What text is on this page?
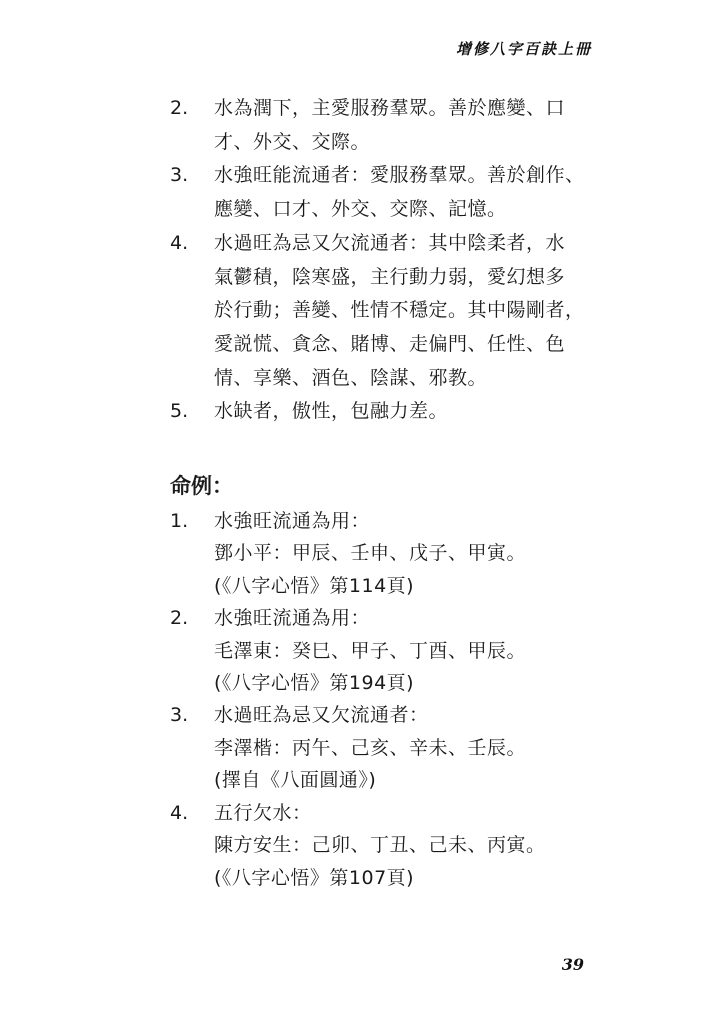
增修八字百訣上冊
2.	水為潤下，主愛服務羣眾。善於應變、口
才、外交、交際。
3.	水強旺能流通者：愛服務羣眾。善於創作、
應變、口才、外交、交際、記憶。
4.	水過旺為忌又欠流通者：其中陰柔者，水
氣鬱積，陰寒盛，主行動力弱，愛幻想多
於行動；善變、性情不穩定。其中陽剛者，
愛説慌、貪念、賭博、走偏門、任性、色
情、享樂、酒色、陰謀、邪教。
5.	水缺者，傲性，包融力差。
命例：
1.	水強旺流通為用：
鄧小平：甲辰、壬申、戊子、甲寅。
(《八字心悟》第114頁)
2.	水強旺流通為用：
毛澤東：癸巳、甲子、丁酉、甲辰。
(《八字心悟》第194頁)
3.	水過旺為忌又欠流通者：
李澤楷：丙午、己亥、辛未、壬辰。
(擇自《八面圓通》)
4.	五行欠水：
陳方安生：己卯、丁丑、己未、丙寅。
(《八字心悟》第107頁)
39
